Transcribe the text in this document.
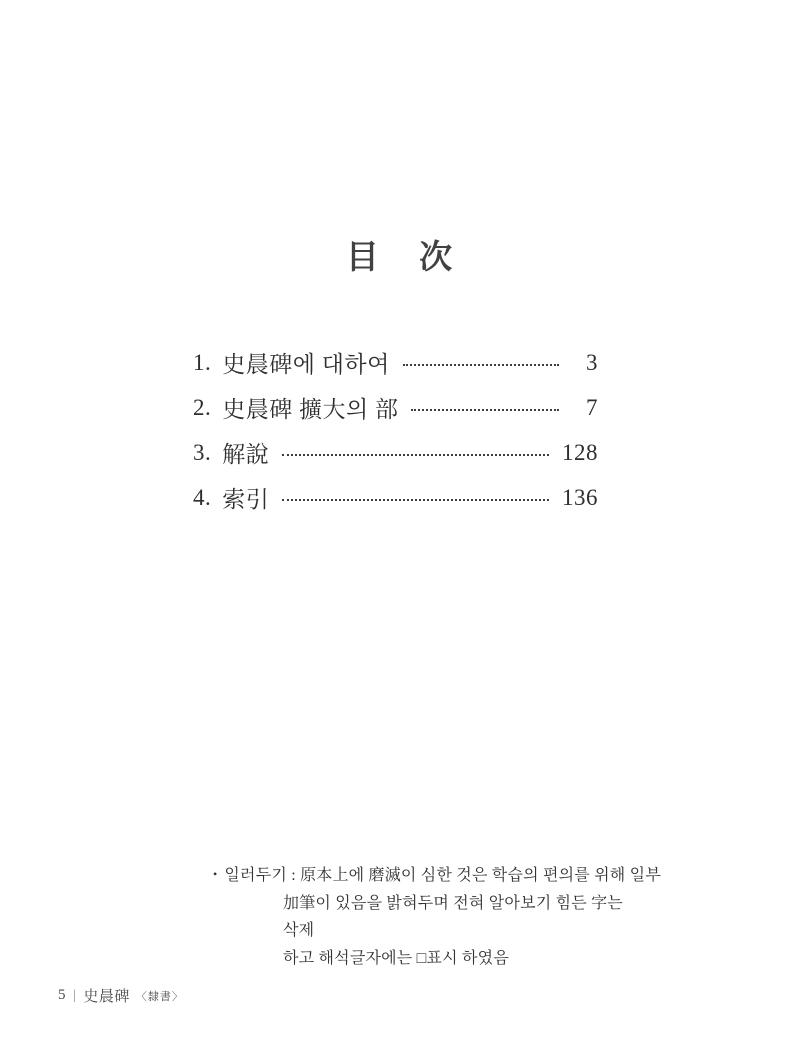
目 次
1. 史晨碑에 대하여	3
2. 史晨碑 擴大의 部	7
3. 解說	128
4. 索引	136
• 일러두기 : 原本上에 磨滅이 심한 것은 학습의 편의를 위해 일부
加筆이 있음을 밝혀두며 전혀 알아보기 힘든 字는 삭제
하고 해석글자에는 □표시 하였음
5 | 史晨碑 〈隸書〉
